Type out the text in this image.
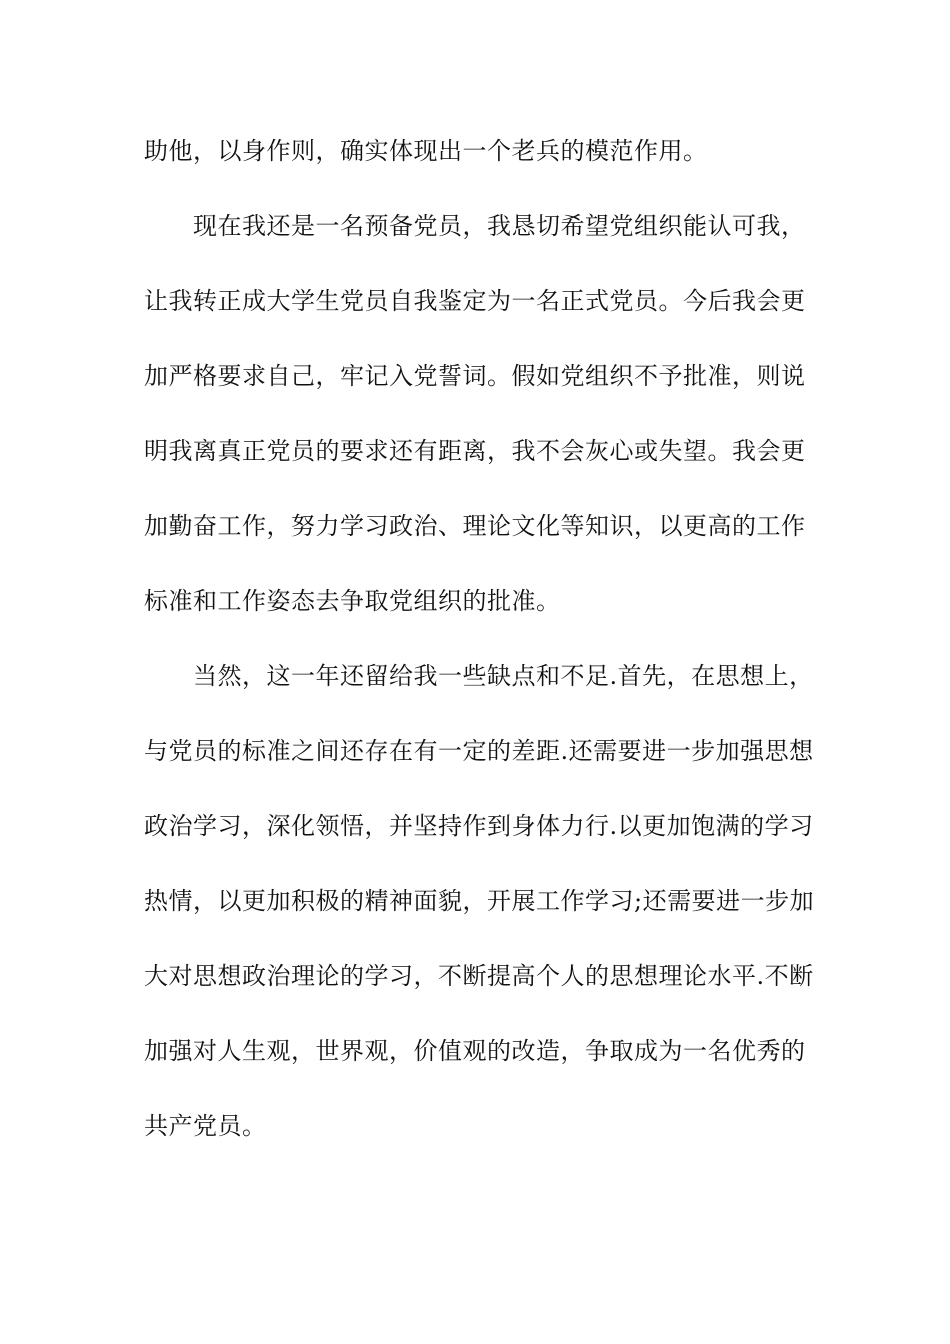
助他，以身作则，确实体现出一个老兵的模范作用。
　　现在我还是一名预备党员，我恳切希望党组织能认可我，
让我转正成大学生党员自我鉴定为一名正式党员。今后我会更
加严格要求自己，牢记入党誓词。假如党组织不予批准，则说
明我离真正党员的要求还有距离，我不会灰心或失望。我会更
加勤奋工作，努力学习政治、理论文化等知识，以更高的工作
标准和工作姿态去争取党组织的批准。
　　当然，这一年还留给我一些缺点和不足.首先，在思想上，
与党员的标准之间还存在有一定的差距.还需要进一步加强思想
政治学习，深化领悟，并坚持作到身体力行.以更加饱满的学习
热情，以更加积极的精神面貌，开展工作学习;还需要进一步加
大对思想政治理论的学习，不断提高个人的思想理论水平.不断
加强对人生观，世界观，价值观的改造，争取成为一名优秀的
共产党员。
